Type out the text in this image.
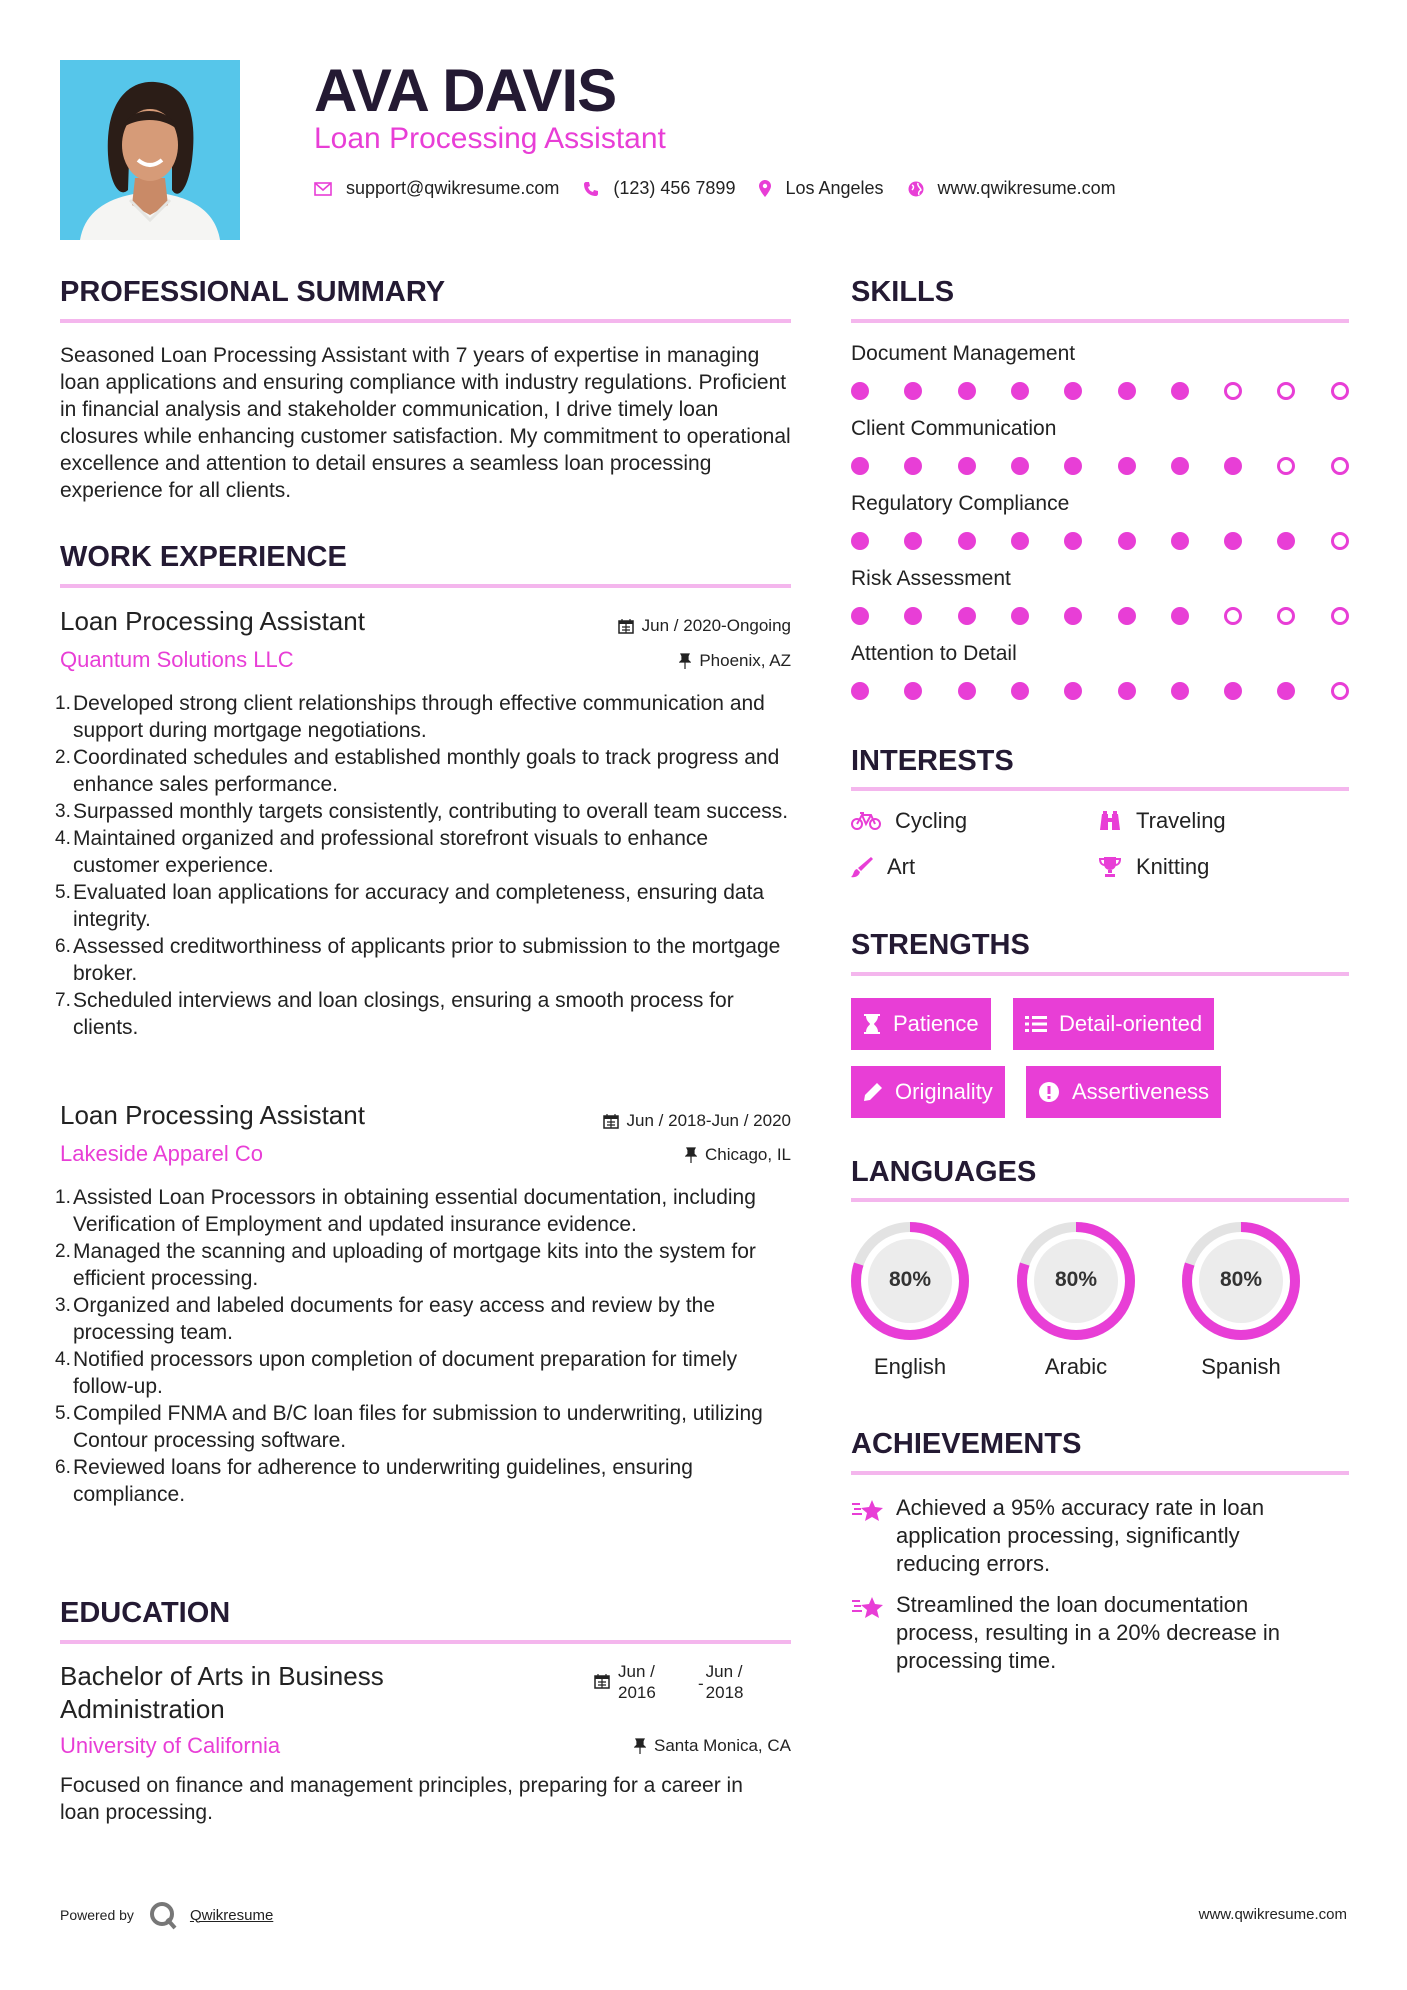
AVA DAVIS
Loan Processing Assistant
support@qwikresume.com	(123) 456 7899	Los Angeles	www.qwikresume.com
PROFESSIONAL SUMMARY
Seasoned Loan Processing Assistant with 7 years of expertise in managing loan applications and ensuring compliance with industry regulations. Proficient in financial analysis and stakeholder communication, I drive timely loan closures while enhancing customer satisfaction. My commitment to operational excellence and attention to detail ensures a seamless loan processing experience for all clients.
WORK EXPERIENCE
Loan Processing Assistant	Jun / 2020-Ongoing
Quantum Solutions LLC	Phoenix, AZ
1. Developed strong client relationships through effective communication and support during mortgage negotiations.
2. Coordinated schedules and established monthly goals to track progress and enhance sales performance.
3. Surpassed monthly targets consistently, contributing to overall team success.
4. Maintained organized and professional storefront visuals to enhance customer experience.
5. Evaluated loan applications for accuracy and completeness, ensuring data integrity.
6. Assessed creditworthiness of applicants prior to submission to the mortgage broker.
7. Scheduled interviews and loan closings, ensuring a smooth process for clients.
Loan Processing Assistant	Jun / 2018-Jun / 2020
Lakeside Apparel Co	Chicago, IL
1. Assisted Loan Processors in obtaining essential documentation, including Verification of Employment and updated insurance evidence.
2. Managed the scanning and uploading of mortgage kits into the system for efficient processing.
3. Organized and labeled documents for easy access and review by the processing team.
4. Notified processors upon completion of document preparation for timely follow-up.
5. Compiled FNMA and B/C loan files for submission to underwriting, utilizing Contour processing software.
6. Reviewed loans for adherence to underwriting guidelines, ensuring compliance.
EDUCATION
Bachelor of Arts in Business Administration
Jun / 2016	-
Jun / 2018
University of California	Santa Monica, CA
Focused on finance and management principles, preparing for a career in loan processing.
SKILLS
INTERESTS
Cycling	Traveling
Art	Knitting
STRENGTHS
Patience	Detail-oriented
Originality	Assertiveness
LANGUAGES
ACHIEVEMENTS
Achieved a 95% accuracy rate in loan application processing, significantly reducing errors.
Streamlined the loan documentation process, resulting in a 20% decrease in processing time.
Powered by	Qwikresume	www.qwikresume.com
Document Management
Client Communication
Regulatory Compliance
Risk Assessment
Attention to Detail
80%
English
80%
Arabic
80%
Spanish
